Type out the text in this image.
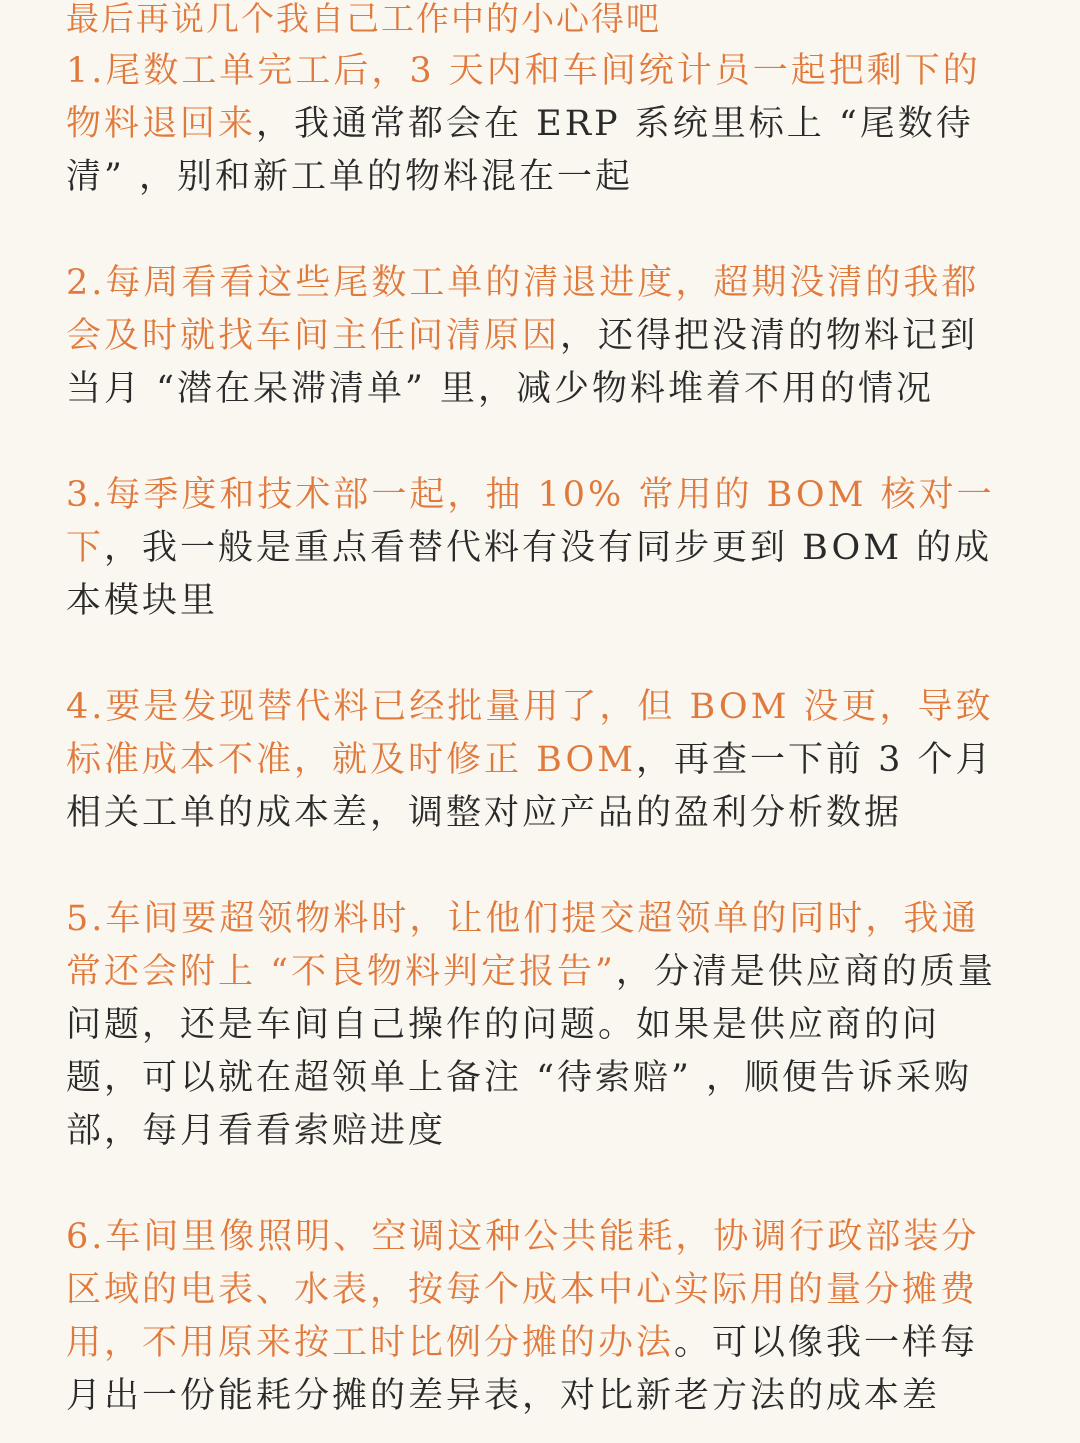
最后再说几个我自己工作中的小心得吧

1.尾数工单完工后，3 天内和车间统计员一起把剩下的物料退回来，我通常都会在 ERP 系统里标上 “尾数待清” ，别和新工单的物料混在一起

2.每周看看这些尾数工单的清退进度，超期没清的我都会及时就找车间主任问清原因，还得把没清的物料记到当月 “潜在呆滞清单” 里，减少物料堆着不用的情况

3.每季度和技术部一起，抽 10% 常用的 BOM 核对一下，我一般是重点看替代料有没有同步更到 BOM 的成本模块里

4.要是发现替代料已经批量用了，但 BOM 没更，导致标准成本不准，就及时修正 BOM，再查一下前 3 个月相关工单的成本差，调整对应产品的盈利分析数据

5.车间要超领物料时，让他们提交超领单的同时，我通常还会附上 “不良物料判定报告”，分清是供应商的质量问题，还是车间自己操作的问题。如果是供应商的问题，可以就在超领单上备注 “待索赔” ，顺便告诉采购部，每月看看索赔进度

6.车间里像照明、空调这种公共能耗，协调行政部装分区域的电表、水表，按每个成本中心实际用的量分摊费用，不用原来按工时比例分摊的办法。可以像我一样每月出一份能耗分摊的差异表，对比新老方法的成本差
